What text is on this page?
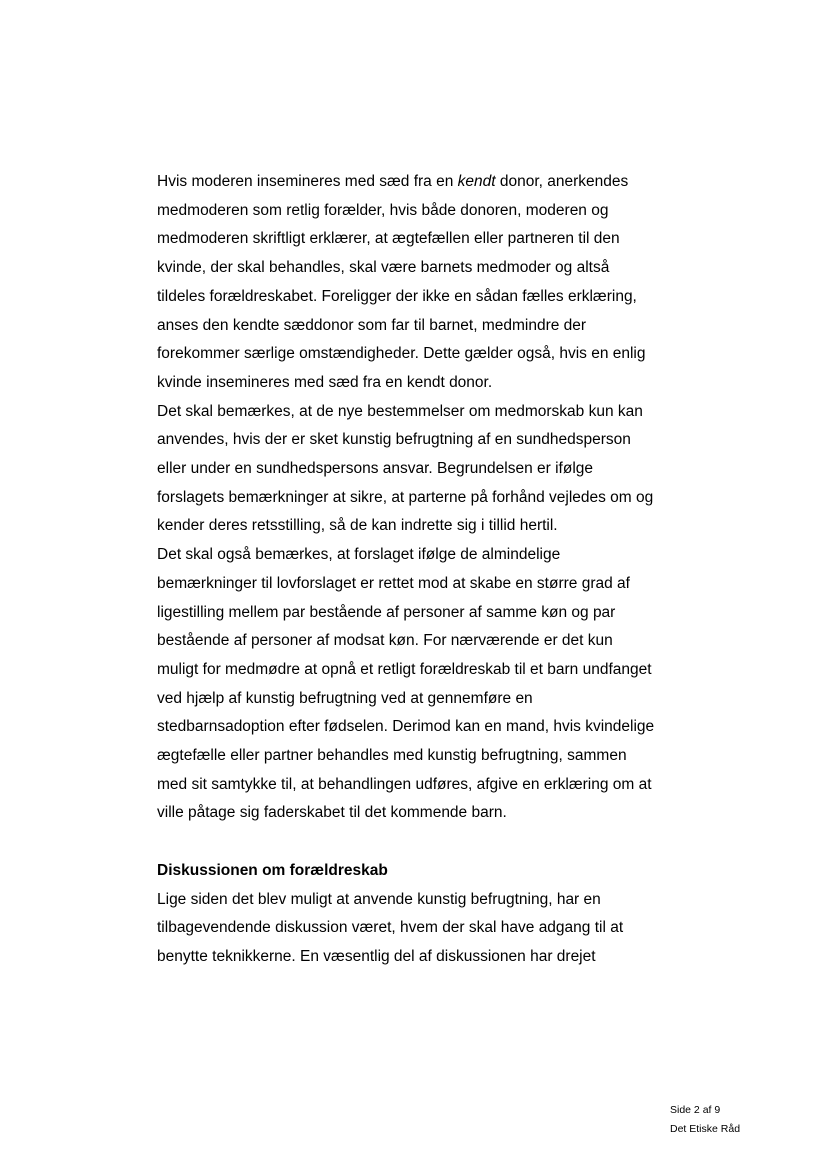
Hvis moderen insemineres med sæd fra en kendt donor, anerkendes medmoderen som retlig forælder, hvis både donoren, moderen og medmoderen skriftligt erklærer, at ægtefællen eller partneren til den kvinde, der skal behandles, skal være barnets medmoder og altså tildeles forældreskabet. Foreligger der ikke en sådan fælles erklæring, anses den kendte sæddonor som far til barnet, medmindre der forekommer særlige omstændigheder. Dette gælder også, hvis en enlig kvinde insemineres med sæd fra en kendt donor.

Det skal bemærkes, at de nye bestemmelser om medmorskab kun kan anvendes, hvis der er sket kunstig befrugtning af en sundhedsperson eller under en sundhedspersons ansvar. Begrundelsen er ifølge forslagets bemærkninger at sikre, at parterne på forhånd vejledes om og kender deres retsstilling, så de kan indrette sig i tillid hertil.

Det skal også bemærkes, at forslaget ifølge de almindelige bemærkninger til lovforslaget er rettet mod at skabe en større grad af ligestilling mellem par bestående af personer af samme køn og par bestående af personer af modsat køn. For nærværende er det kun muligt for medmødre at opnå et retligt forældreskab til et barn undfanget ved hjælp af kunstig befrugtning ved at gennemføre en stedbarnsadoption efter fødselen. Derimod kan en mand, hvis kvindelige ægtefælle eller partner behandles med kunstig befrugtning, sammen med sit samtykke til, at behandlingen udføres, afgive en erklæring om at ville påtage sig faderskabet til det kommende barn.

Diskussionen om forældreskab

Lige siden det blev muligt at anvende kunstig befrugtning, har en tilbagevendende diskussion været, hvem der skal have adgang til at benytte teknikkerne. En væsentlig del af diskussionen har drejet

Side 2 af 9
Det Etiske Råd
